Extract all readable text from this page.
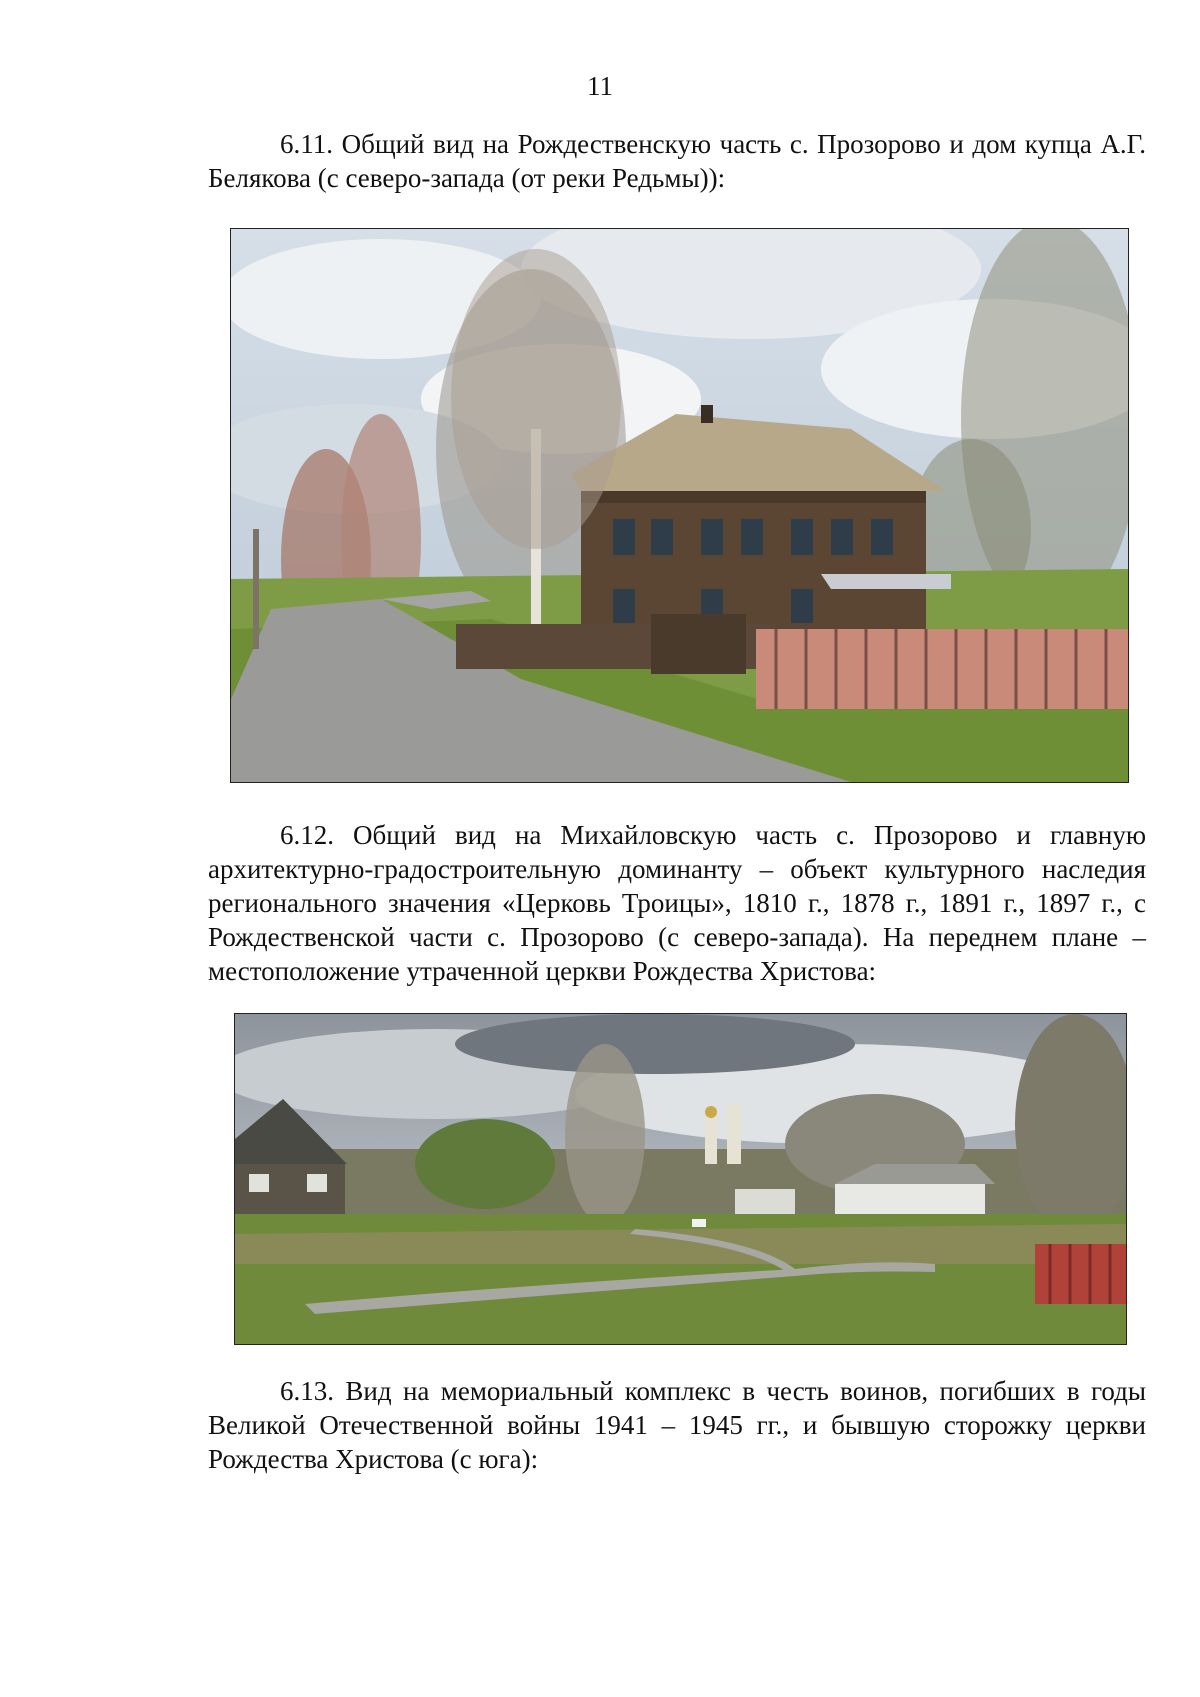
11

6.11. Общий вид на Рождественскую часть с. Прозорово и дом купца А.Г. Белякова (с северо-запада (от реки Редьмы)):

6.12. Общий вид на Михайловскую часть с. Прозорово и главную архитектурно-градостроительную доминанту – объект культурного наследия регионального значения «Церковь Троицы», 1810 г., 1878 г., 1891 г., 1897 г., с Рождественской части с. Прозорово (с северо-запада). На переднем плане – местоположение утраченной церкви Рождества Христова:

6.13. Вид на мемориальный комплекс в честь воинов, погибших в годы Великой Отечественной войны 1941 – 1945 гг., и бывшую сторожку церкви Рождества Христова (с юга):
